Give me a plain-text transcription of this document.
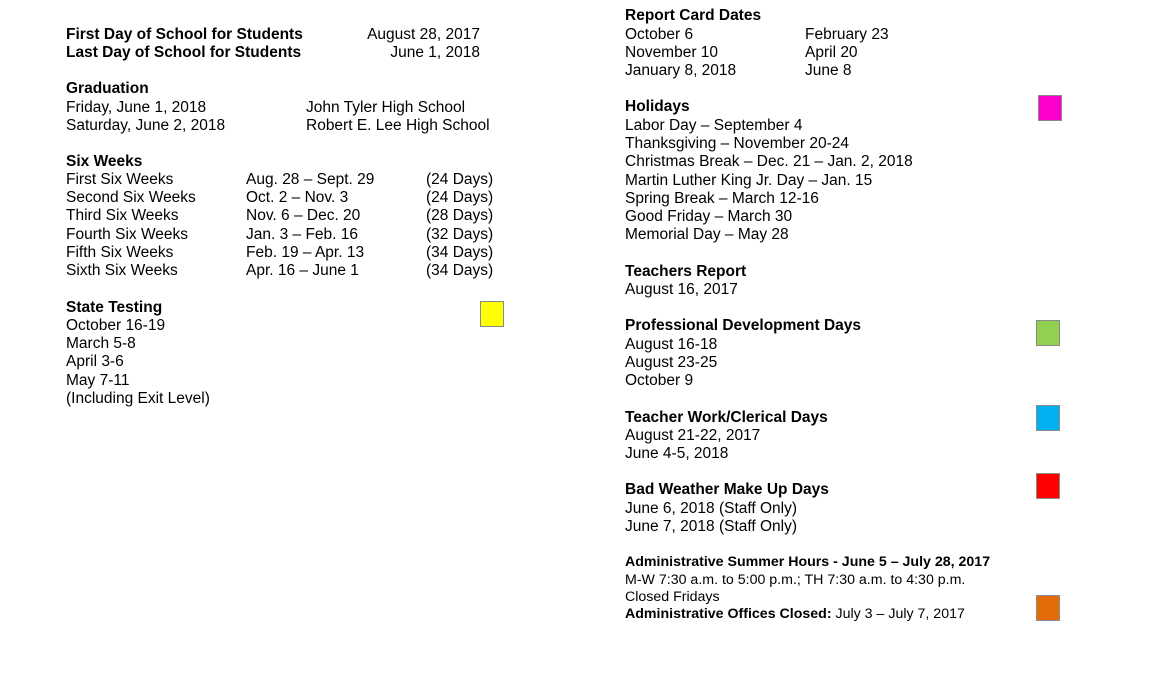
First Day of School for Students	August 28, 2017
Last Day of School for Students	June 1, 2018
Graduation
Friday, June 1, 2018
Saturday, June 2, 2018
John Tyler High School
Robert E. Lee High School
Six Weeks
First Six Weeks
Second Six Weeks
Third Six Weeks
Fourth Six Weeks
Fifth Six Weeks
Sixth Six Weeks
Aug. 28 – Sept. 29
Oct. 2 – Nov. 3
Nov. 6 – Dec. 20
Jan. 3 – Feb. 16
Feb. 19 – Apr. 13
Apr. 16 – June 1
(24 Days)
(24 Days)
(28 Days)
(32 Days)
(34 Days)
(34 Days)
State Testing
October 16-19
March 5-8
April 3-6
May 7-11
(Including Exit Level)
Report Card Dates
October 6
November 10
January 8, 2018
February 23
April 20
June 8
Holidays
Labor Day – September 4
Thanksgiving – November 20-24
Christmas Break – Dec. 21 – Jan. 2, 2018
Martin Luther King Jr. Day – Jan. 15
Spring Break – March 12-16
Good Friday – March 30
Memorial Day – May 28
Teachers Report
August 16, 2017
Professional Development Days
August 16-18
August 23-25
October 9
Teacher Work/Clerical Days
August 21-22, 2017
June 4-5, 2018
Bad Weather Make Up Days
June 6, 2018 (Staff Only)
June 7, 2018 (Staff Only)
Administrative Summer Hours - June 5 – July 28, 2017
M-W 7:30 a.m. to 5:00 p.m.; TH 7:30 a.m. to 4:30 p.m.
Closed Fridays
Administrative Offices Closed: July 3 – July 7, 2017
